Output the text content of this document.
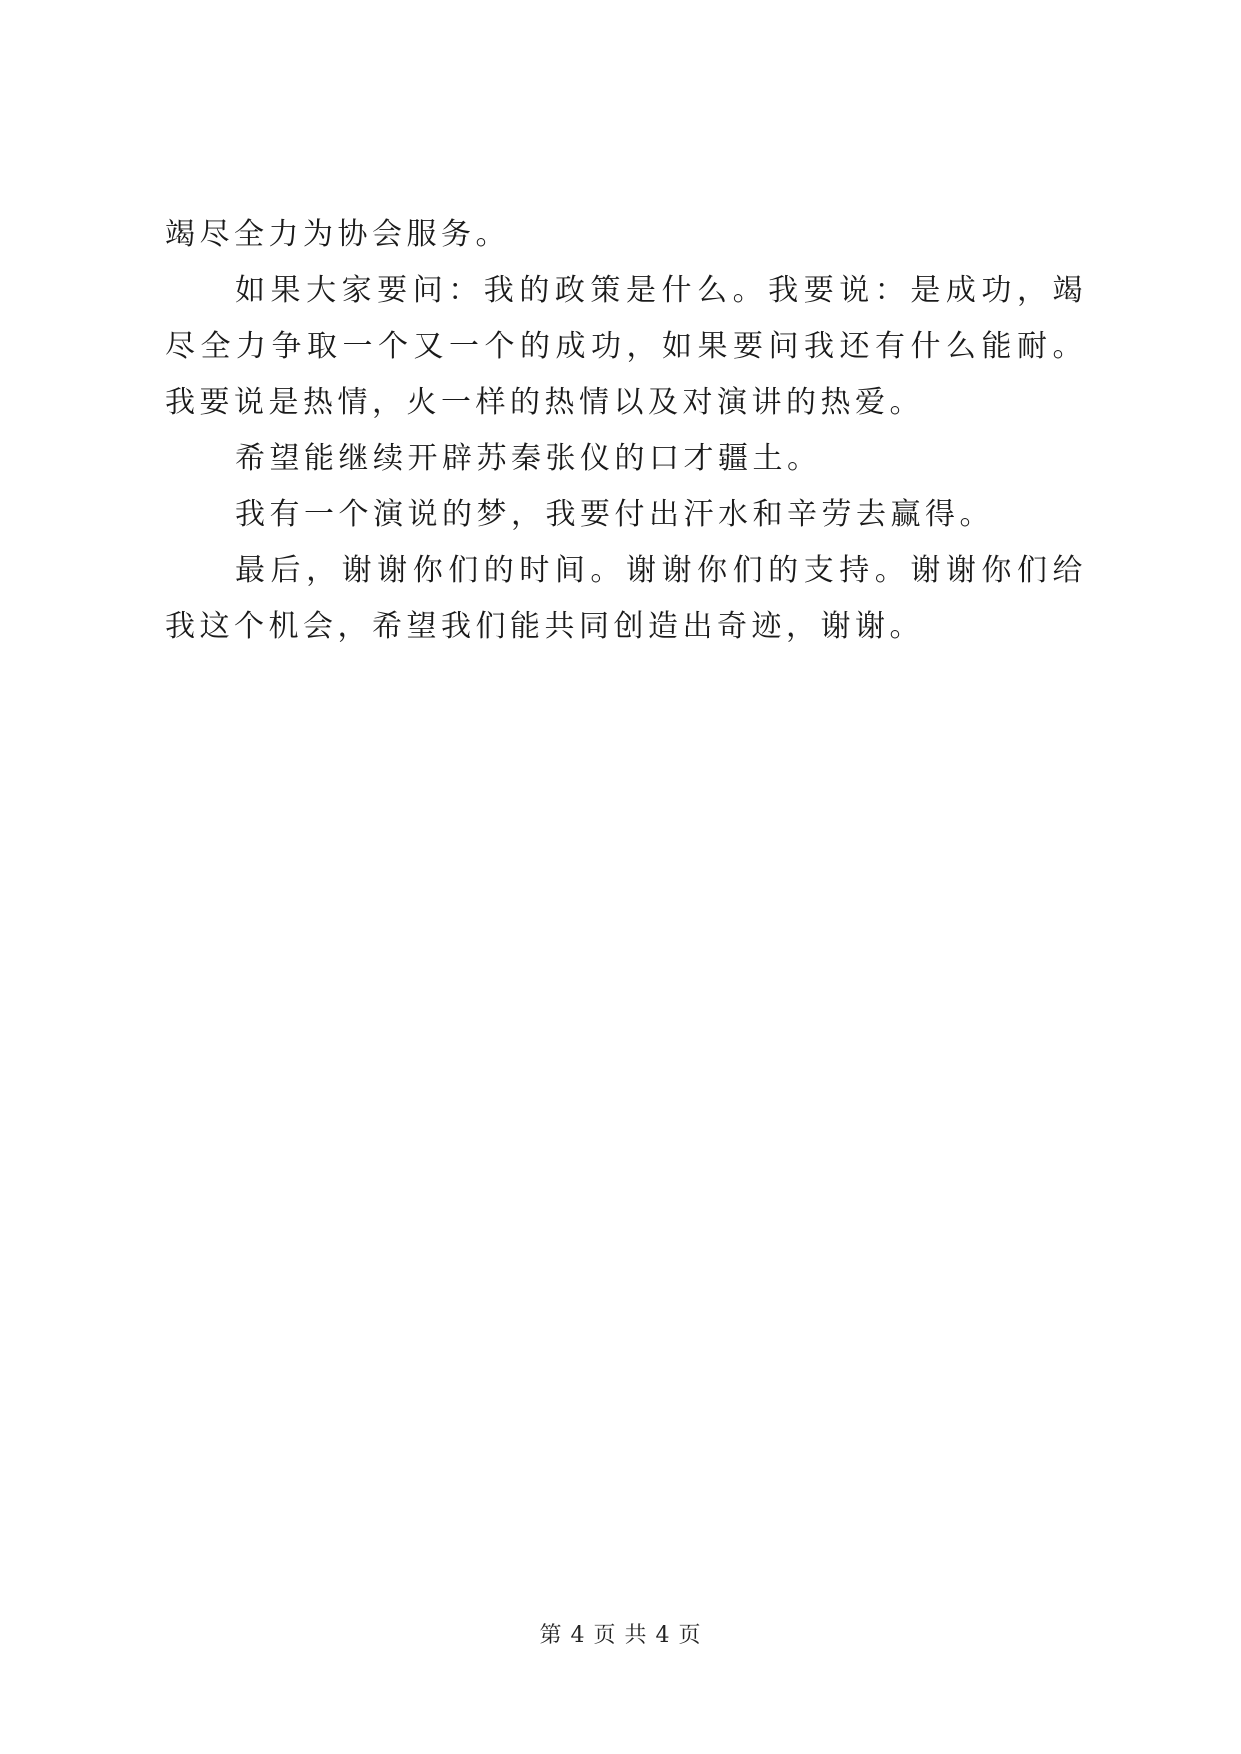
竭尽全力为协会服务。

如果大家要问：我的政策是什么。我要说：是成功，竭尽全力争取一个又一个的成功，如果要问我还有什么能耐。我要说是热情，火一样的热情以及对演讲的热爱。

希望能继续开辟苏秦张仪的口才疆土。

我有一个演说的梦，我要付出汗水和辛劳去赢得。

最后，谢谢你们的时间。谢谢你们的支持。谢谢你们给我这个机会，希望我们能共同创造出奇迹，谢谢。

第 4 页 共 4 页
